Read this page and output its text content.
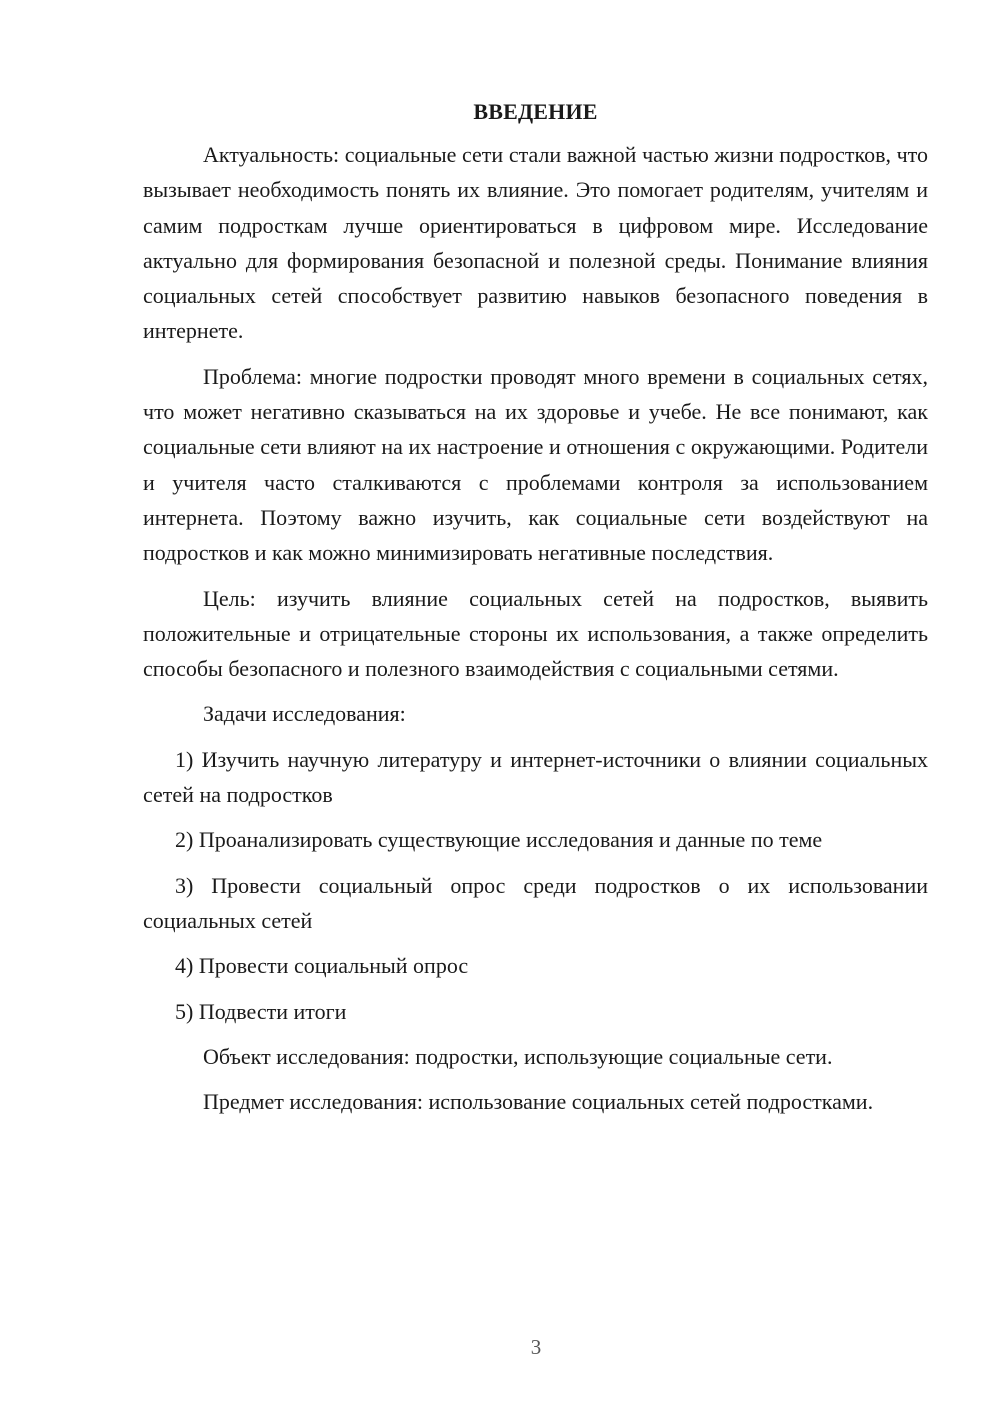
ВВЕДЕНИЕ

Актуальность: социальные сети стали важной частью жизни подростков, что вызывает необходимость понять их влияние. Это помогает родителям, учителям и самим подросткам лучше ориентироваться в цифровом мире. Исследование актуально для формирования безопасной и полезной среды. Понимание влияния социальных сетей способствует развитию навыков безопасного поведения в интернете.

Проблема: многие подростки проводят много времени в социальных сетях, что может негативно сказываться на их здоровье и учебе. Не все понимают, как социальные сети влияют на их настроение и отношения с окружающими. Родители и учителя часто сталкиваются с проблемами контроля за использованием интернета. Поэтому важно изучить, как социальные сети воздействуют на подростков и как можно минимизировать негативные последствия.

Цель: изучить влияние социальных сетей на подростков, выявить положительные и отрицательные стороны их использования, а также определить способы безопасного и полезного взаимодействия с социальными сетями.

Задачи исследования:

1) Изучить научную литературу и интернет-источники о влиянии социальных сетей на подростков

2) Проанализировать существующие исследования и данные по теме

3) Провести социальный опрос среди подростков о их использовании социальных сетей

4) Провести социальный опрос

5) Подвести итоги

Объект исследования: подростки, использующие социальные сети.

Предмет исследования: использование социальных сетей подростками.

3
